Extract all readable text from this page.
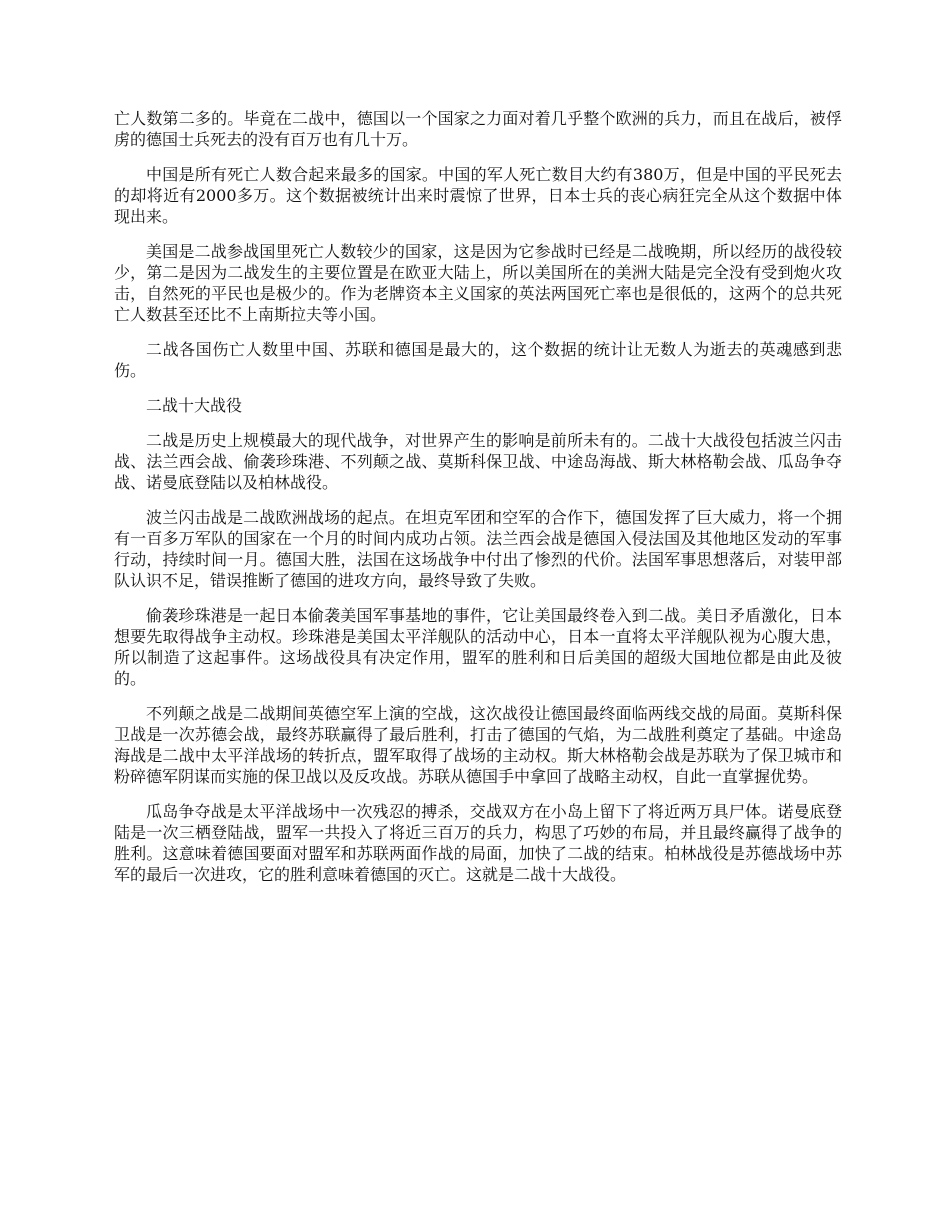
亡人数第二多的。毕竟在二战中，德国以一个国家之力面对着几乎整个欧洲的兵力，而且在战后，被俘虏的德国士兵死去的没有百万也有几十万。

中国是所有死亡人数合起来最多的国家。中国的军人死亡数目大约有380万，但是中国的平民死去的却将近有2000多万。这个数据被统计出来时震惊了世界，日本士兵的丧心病狂完全从这个数据中体现出来。

美国是二战参战国里死亡人数较少的国家，这是因为它参战时已经是二战晚期，所以经历的战役较少，第二是因为二战发生的主要位置是在欧亚大陆上，所以美国所在的美洲大陆是完全没有受到炮火攻击，自然死的平民也是极少的。作为老牌资本主义国家的英法两国死亡率也是很低的，这两个的总共死亡人数甚至还比不上南斯拉夫等小国。

二战各国伤亡人数里中国、苏联和德国是最大的，这个数据的统计让无数人为逝去的英魂感到悲伤。

二战十大战役

二战是历史上规模最大的现代战争，对世界产生的影响是前所未有的。二战十大战役包括波兰闪击战、法兰西会战、偷袭珍珠港、不列颠之战、莫斯科保卫战、中途岛海战、斯大林格勒会战、瓜岛争夺战、诺曼底登陆以及柏林战役。

波兰闪击战是二战欧洲战场的起点。在坦克军团和空军的合作下，德国发挥了巨大威力，将一个拥有一百多万军队的国家在一个月的时间内成功占领。法兰西会战是德国入侵法国及其他地区发动的军事行动，持续时间一月。德国大胜，法国在这场战争中付出了惨烈的代价。法国军事思想落后，对装甲部队认识不足，错误推断了德国的进攻方向，最终导致了失败。

偷袭珍珠港是一起日本偷袭美国军事基地的事件，它让美国最终卷入到二战。美日矛盾激化，日本想要先取得战争主动权。珍珠港是美国太平洋舰队的活动中心，日本一直将太平洋舰队视为心腹大患，所以制造了这起事件。这场战役具有决定作用，盟军的胜利和日后美国的超级大国地位都是由此及彼的。

不列颠之战是二战期间英德空军上演的空战，这次战役让德国最终面临两线交战的局面。莫斯科保卫战是一次苏德会战，最终苏联赢得了最后胜利，打击了德国的气焰，为二战胜利奠定了基础。中途岛海战是二战中太平洋战场的转折点，盟军取得了战场的主动权。斯大林格勒会战是苏联为了保卫城市和粉碎德军阴谋而实施的保卫战以及反攻战。苏联从德国手中拿回了战略主动权，自此一直掌握优势。

瓜岛争夺战是太平洋战场中一次残忍的搏杀，交战双方在小岛上留下了将近两万具尸体。诺曼底登陆是一次三栖登陆战，盟军一共投入了将近三百万的兵力，构思了巧妙的布局，并且最终赢得了战争的胜利。这意味着德国要面对盟军和苏联两面作战的局面，加快了二战的结束。柏林战役是苏德战场中苏军的最后一次进攻，它的胜利意味着德国的灭亡。这就是二战十大战役。
